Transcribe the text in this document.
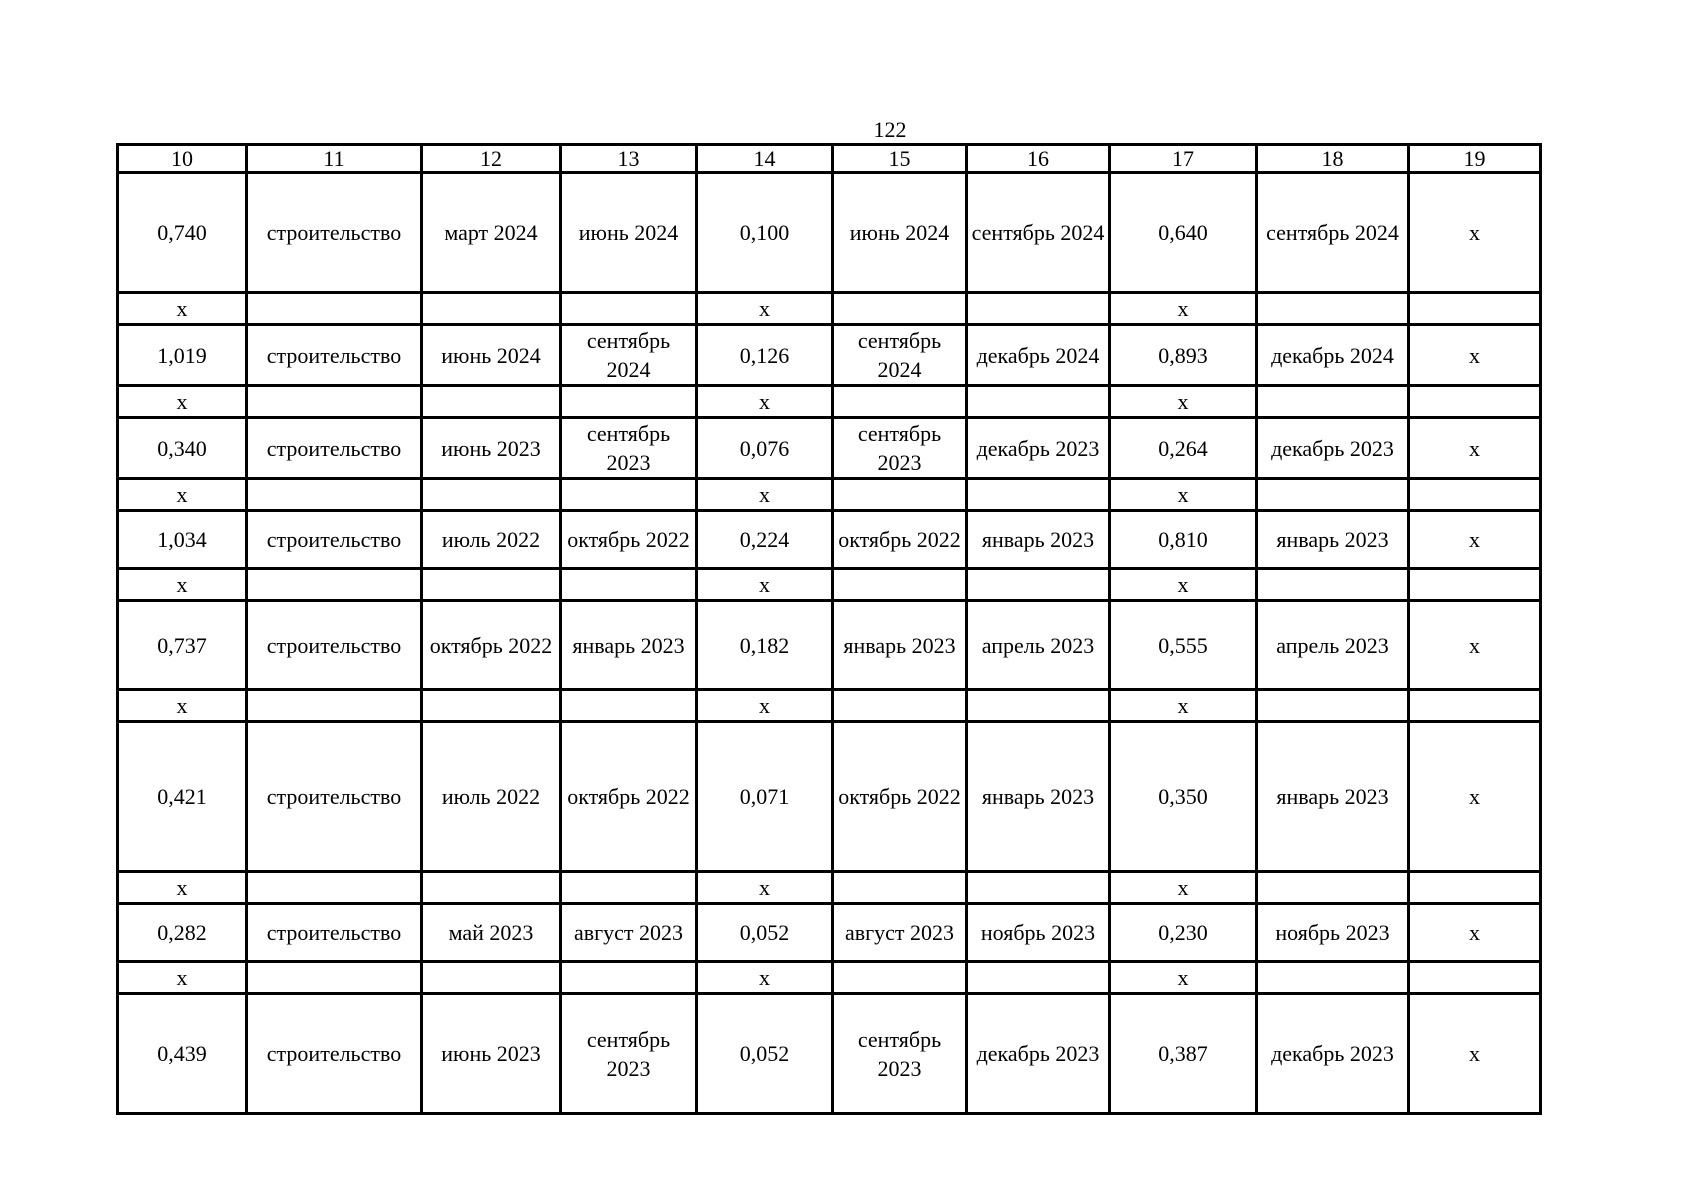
122
10	11	12	13	14	15	16	17	18	19
0,740	строительство	март 2024	июнь 2024	0,100	июнь 2024	сентябрь 2024	0,640	сентябрь 2024	х
х				х			х		
1,019	строительство	июнь 2024	сентябрь 2024	0,126	сентябрь 2024	декабрь 2024	0,893	декабрь 2024	х
х				х			х		
0,340	строительство	июнь 2023	сентябрь 2023	0,076	сентябрь 2023	декабрь 2023	0,264	декабрь 2023	х
х				х			х		
1,034	строительство	июль 2022	октябрь 2022	0,224	октябрь 2022	январь 2023	0,810	январь 2023	х
х				х			х		
0,737	строительство	октябрь 2022	январь 2023	0,182	январь 2023	апрель 2023	0,555	апрель 2023	х
х				х			х		
0,421	строительство	июль 2022	октябрь 2022	0,071	октябрь 2022	январь 2023	0,350	январь 2023	х
х				х			х		
0,282	строительство	май 2023	август 2023	0,052	август 2023	ноябрь 2023	0,230	ноябрь 2023	х
х				х			х		
0,439	строительство	июнь 2023	сентябрь 2023	0,052	сентябрь 2023	декабрь 2023	0,387	декабрь 2023	х
